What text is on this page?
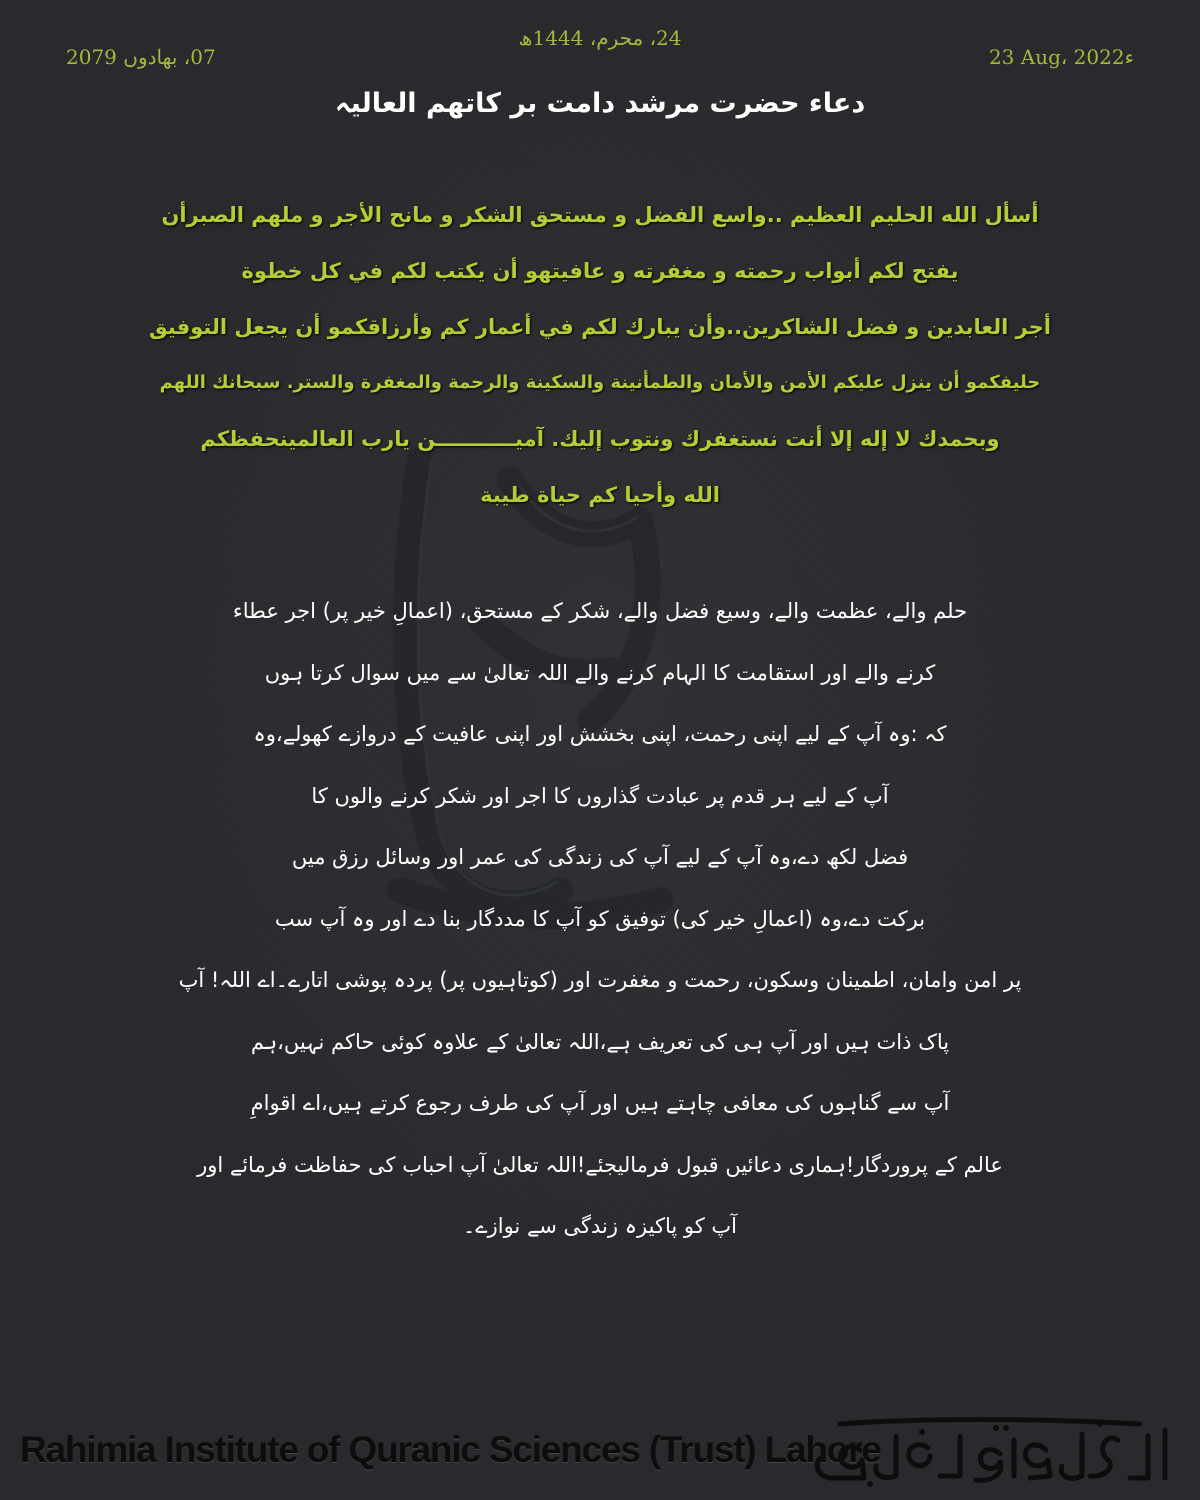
24، محرم، 1444ھ
07، بھادوں 2079	23 Aug، 2022ء
دعاء حضرت مرشد دامت بر کاتھم العالیہ
أسأل الله الحليم العظيم ..واسع الفضل و مستحق الشكر و مانح الأجر و ملهم الصبرأن
يفتح لكم أبواب رحمته و مغفرته و عافيتهو أن يكتب لكم في كل خطوة
أجر العابدين و فضل الشاكرين..وأن يبارك لكم في أعمار كم وأرزاقكمو أن يجعل التوفيق
حليفكمو أن ينزل عليكم الأمن والأمان والطمأنينة والسكينة والرحمة والمغفرة والستر. سبحانك اللهم
وبحمدك لا إله إلا أنت نستغفرك ونتوب إليك. آميـــــــــــن يارب العالمينحفظكم
الله وأحيا كم حياة طيبة
حلم والے، عظمت والے، وسیع فضل والے، شکر کے مستحق، (اعمالِ خیر پر) اجر عطاء
کرنے والے اور استقامت کا الہام کرنے والے اللہ تعالیٰ سے میں سوال کرتا ہوں
کہ :وہ آپ کے لیے اپنی رحمت، اپنی بخشش اور اپنی عافیت کے دروازے کھولے،وہ
آپ کے لیے ہر قدم پر عبادت گذاروں کا اجر اور شکر کرنے والوں کا
فضل لکھ دے،وہ آپ کے لیے آپ کی زندگی کی عمر اور وسائل رزق میں
برکت دے،وہ (اعمالِ خیر کی) توفیق کو آپ کا مددگار بنا دے اور وہ آپ سب
پر امن وامان، اطمینان وسکون، رحمت و مغفرت اور (کوتاہیوں پر) پردہ پوشی اتارے۔اے اللہ! آپ
پاک ذات ہیں اور آپ ہی کی تعریف ہے،اللہ تعالیٰ کے علاوہ کوئی حاکم نہیں،ہم
آپ سے گناہوں کی معافی چاہتے ہیں اور آپ کی طرف رجوع کرتے ہیں،اے اقوامِ
عالم کے پروردگار!ہماری دعائیں قبول فرمالیجئے!اللہ تعالیٰ آپ احباب کی حفاظت فرمائے اور
آپ کو پاکیزہ زندگی سے نوازے۔
Rahimia Institute of Quranic Sciences (Trust) Lahore
